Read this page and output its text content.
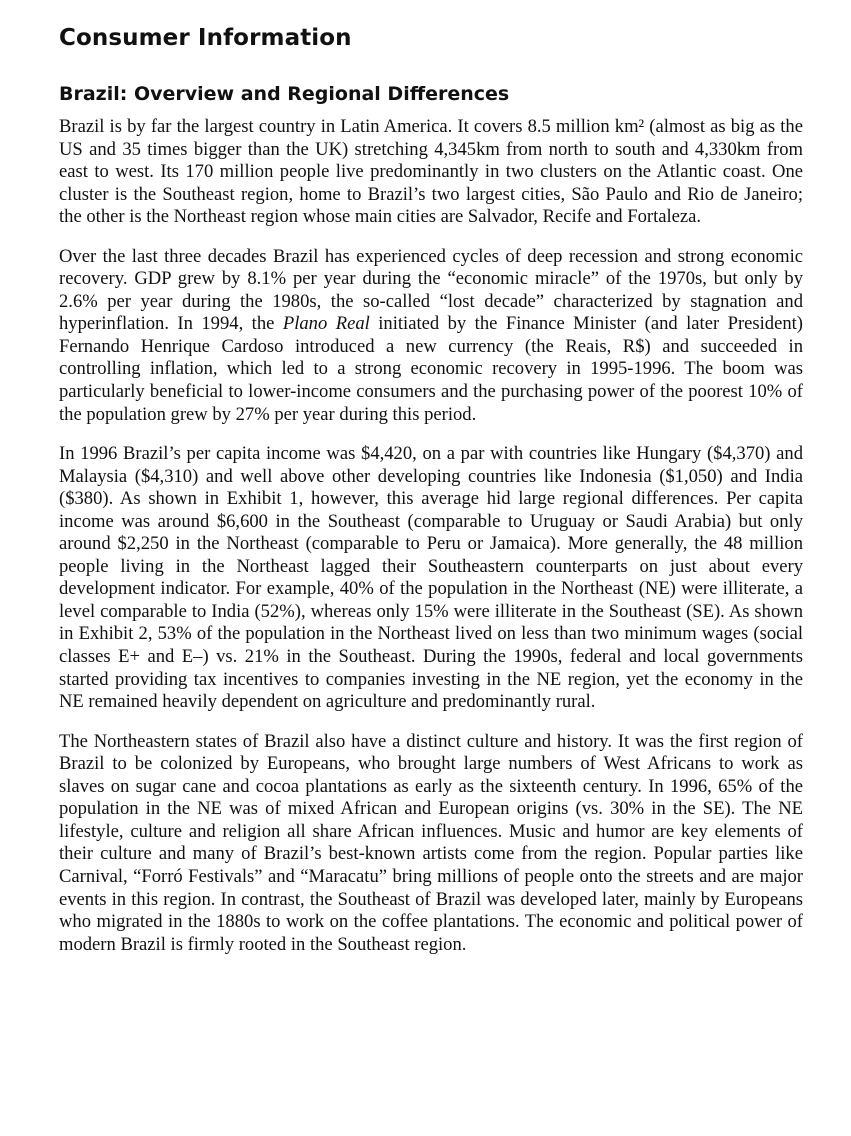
Consumer Information
Brazil: Overview and Regional Differences

Brazil is by far the largest country in Latin America. It covers 8.5 million km² (almost as big as the US and 35 times bigger than the UK) stretching 4,345km from north to south and 4,330km from east to west. Its 170 million people live predominantly in two clusters on the Atlantic coast. One cluster is the Southeast region, home to Brazil’s two largest cities, São Paulo and Rio de Janeiro; the other is the Northeast region whose main cities are Salvador, Recife and Fortaleza.

Over the last three decades Brazil has experienced cycles of deep recession and strong economic recovery. GDP grew by 8.1% per year during the “economic miracle” of the 1970s, but only by 2.6% per year during the 1980s, the so-called “lost decade” characterized by stagnation and hyperinflation. In 1994, the Plano Real initiated by the Finance Minister (and later President) Fernando Henrique Cardoso introduced a new currency (the Reais, R$) and succeeded in controlling inflation, which led to a strong economic recovery in 1995-1996. The boom was particularly beneficial to lower-income consumers and the purchasing power of the poorest 10% of the population grew by 27% per year during this period.

In 1996 Brazil’s per capita income was $4,420, on a par with countries like Hungary ($4,370) and Malaysia ($4,310) and well above other developing countries like Indonesia ($1,050) and India ($380). As shown in Exhibit 1, however, this average hid large regional differences. Per capita income was around $6,600 in the Southeast (comparable to Uruguay or Saudi Arabia) but only around $2,250 in the Northeast (comparable to Peru or Jamaica). More generally, the 48 million people living in the Northeast lagged their Southeastern counterparts on just about every development indicator. For example, 40% of the population in the Northeast (NE) were illiterate, a level comparable to India (52%), whereas only 15% were illiterate in the Southeast (SE). As shown in Exhibit 2, 53% of the population in the Northeast lived on less than two minimum wages (social classes E+ and E–) vs. 21% in the Southeast. During the 1990s, federal and local governments started providing tax incentives to companies investing in the NE region, yet the economy in the NE remained heavily dependent on agriculture and predominantly rural.

The Northeastern states of Brazil also have a distinct culture and history. It was the first region of Brazil to be colonized by Europeans, who brought large numbers of West Africans to work as slaves on sugar cane and cocoa plantations as early as the sixteenth century. In 1996, 65% of the population in the NE was of mixed African and European origins (vs. 30% in the SE). The NE lifestyle, culture and religion all share African influences. Music and humor are key elements of their culture and many of Brazil’s best-known artists come from the region. Popular parties like Carnival, “Forró Festivals” and “Maracatu” bring millions of people onto the streets and are major events in this region. In contrast, the Southeast of Brazil was developed later, mainly by Europeans who migrated in the 1880s to work on the coffee plantations. The economic and political power of modern Brazil is firmly rooted in the Southeast region.
